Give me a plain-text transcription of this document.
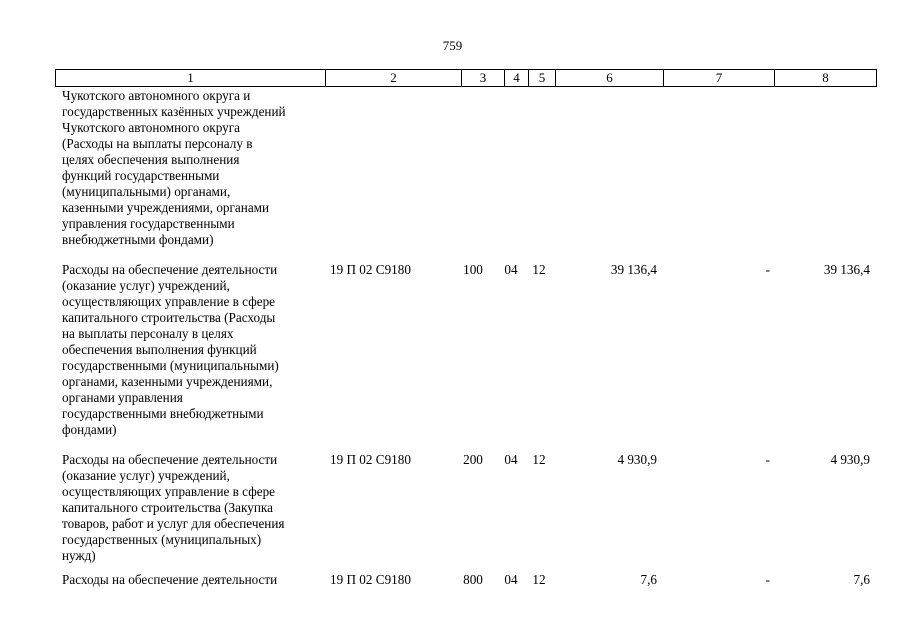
759
1	2	3	4	5	6	7	8
Чукотского автономного округа и
государственных казённых учреждений
Чукотского автономного округа
(Расходы на выплаты персоналу в
целях обеспечения выполнения
функций государственными
(муниципальными) органами,
казенными учреждениями, органами
управления государственными
внебюджетными фондами)
Расходы на обеспечение деятельности
(оказание услуг) учреждений,
осуществляющих управление в сфере
капитального строительства (Расходы
на выплаты персоналу в целях
обеспечения выполнения функций
государственными (муниципальными)
органами, казенными учреждениями,
органами управления
государственными внебюджетными
фондами)
19 П 02 С9180	100	04	12	39 136,4	-	39 136,4
Расходы на обеспечение деятельности
(оказание услуг) учреждений,
осуществляющих управление в сфере
капитального строительства (Закупка
товаров, работ и услуг для обеспечения
государственных (муниципальных)
нужд)
19 П 02 С9180	200	04	12	4 930,9	-	4 930,9
Расходы на обеспечение деятельности	19 П 02 С9180	800	04	12	7,6	-	7,6
